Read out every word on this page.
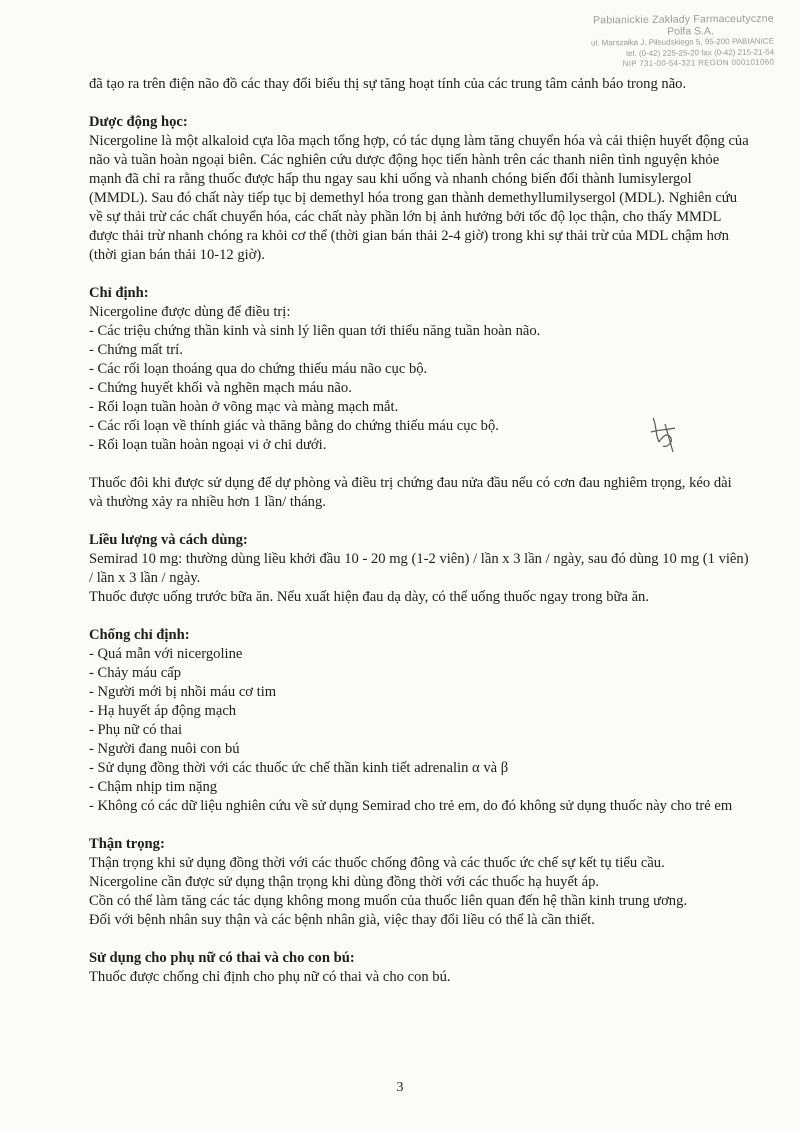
Pabianickie Zakłady Farmaceutyczne
Polfa S.A.
ul. Marszałka J. Piłsudskiego 5, 95-200 PABIANICE
tel. (0-42) 225-25-20 fax (0-42) 215-21-54
NIP 731-00-54-321 REGON 000101060

đã tạo ra trên điện não đồ các thay đổi biểu thị sự tăng hoạt tính của các trung tâm cảnh báo trong não.

Dược động học:

Nicergoline là một alkaloid cựa lõa mạch tổng hợp, có tác dụng làm tăng chuyển hóa và cải thiện huyết động của não và tuần hoàn ngoại biên. Các nghiên cứu dược động học tiến hành trên các thanh niên tình nguyện khỏe mạnh đã chỉ ra rằng thuốc được hấp thu ngay sau khi uống và nhanh chóng biến đổi thành lumisylergol (MMDL). Sau đó chất này tiếp tục bị demethyl hóa trong gan thành demethyllumilysergol (MDL). Nghiên cứu về sự thải trừ các chất chuyển hóa, các chất này phần lớn bị ảnh hưởng bởi tốc độ lọc thận, cho thấy MMDL được thải trừ nhanh chóng ra khỏi cơ thể (thời gian bán thải 2-4 giờ) trong khi sự thải trừ của MDL chậm hơn (thời gian bán thải 10-12 giờ).

Chỉ định:

Nicergoline được dùng để điều trị:

- Các triệu chứng thần kinh và sinh lý liên quan tới thiểu năng tuần hoàn não.

- Chứng mất trí.

- Các rối loạn thoáng qua do chứng thiếu máu não cục bộ.

- Chứng huyết khối và nghẽn mạch máu não.

- Rối loạn tuần hoàn ở võng mạc và màng mạch mắt.

- Các rối loạn về thính giác và thăng bằng do chứng thiếu máu cục bộ.

- Rối loạn tuần hoàn ngoại vi ở chi dưới.

Thuốc đôi khi được sử dụng để dự phòng và điều trị chứng đau nửa đầu nếu có cơn đau nghiêm trọng, kéo dài và thường xảy ra nhiều hơn 1 lần/ tháng.

Liều lượng và cách dùng:

Semirad 10 mg: thường dùng liều khởi đầu 10 - 20 mg (1-2 viên) / lần x 3 lần / ngày, sau đó dùng 10 mg (1 viên) / lần x 3 lần / ngày.

Thuốc được uống trước bữa ăn. Nếu xuất hiện đau dạ dày, có thể uống thuốc ngay trong bữa ăn.

Chống chỉ định:

- Quá mẫn với nicergoline

- Chảy máu cấp

- Người mới bị nhồi máu cơ tim

- Hạ huyết áp động mạch

- Phụ nữ có thai

- Người đang nuôi con bú

- Sử dụng đồng thời với các thuốc ức chế thần kinh tiết adrenalin α và β

- Chậm nhịp tim nặng

- Không có các dữ liệu nghiên cứu về sử dụng Semirad cho trẻ em, do đó không sử dụng thuốc này cho trẻ em

Thận trọng:

Thận trọng khi sử dụng đồng thời với các thuốc chống đông và các thuốc ức chế sự kết tụ tiểu cầu.

Nicergoline cần được sử dụng thận trọng khi dùng đồng thời với các thuốc hạ huyết áp.

Cồn có thể làm tăng các tác dụng không mong muốn của thuốc liên quan đến hệ thần kinh trung ương.

Đối với bệnh nhân suy thận và các bệnh nhân già, việc thay đổi liều có thể là cần thiết.

Sử dụng cho phụ nữ có thai và cho con bú:

Thuốc được chống chỉ định cho phụ nữ có thai và cho con bú.

3
